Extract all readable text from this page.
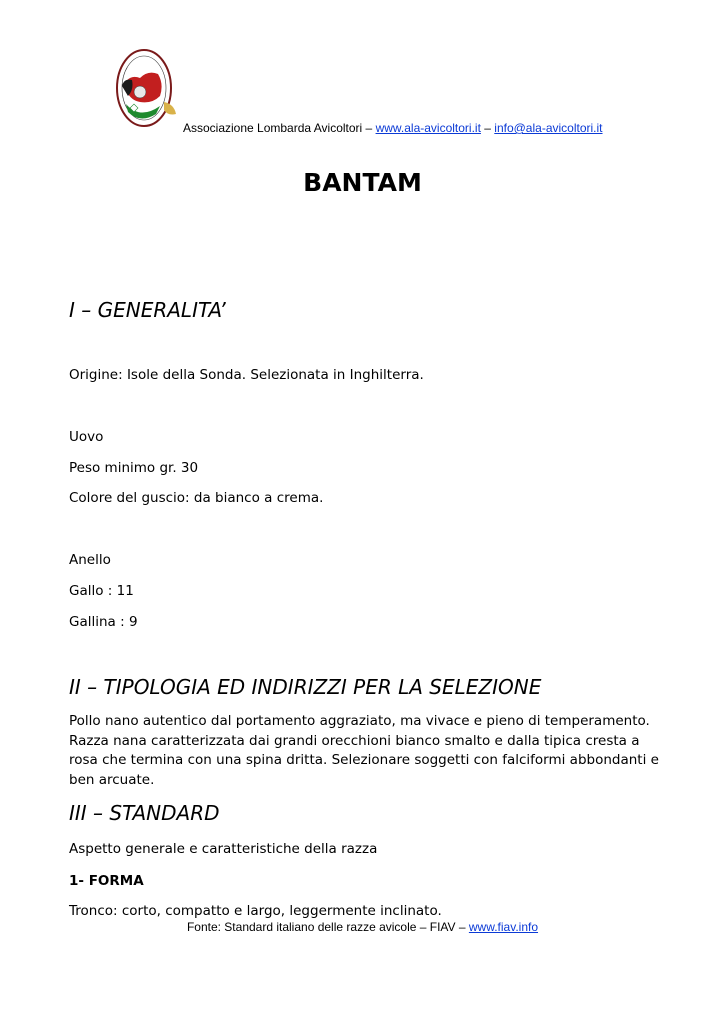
Associazione Lombarda Avicoltori – www.ala-avicoltori.it – info@ala-avicoltori.it
BANTAM
I – GENERALITA’
Origine: Isole della Sonda. Selezionata in Inghilterra.
Uovo
Peso minimo gr. 30
Colore del guscio: da bianco a crema.
Anello
Gallo : 11
Gallina : 9
II – TIPOLOGIA ED INDIRIZZI PER LA SELEZIONE
Pollo nano autentico dal portamento aggraziato, ma vivace e pieno di temperamento. Razza nana caratterizzata dai grandi orecchioni bianco smalto e dalla tipica cresta a rosa che termina con una spina dritta. Selezionare soggetti con falciformi abbondanti e ben arcuate.
III – STANDARD
Aspetto generale e caratteristiche della razza
1- FORMA
Tronco: corto, compatto e largo, leggermente inclinato.
Fonte: Standard italiano delle razze avicole – FIAV – www.fiav.info
